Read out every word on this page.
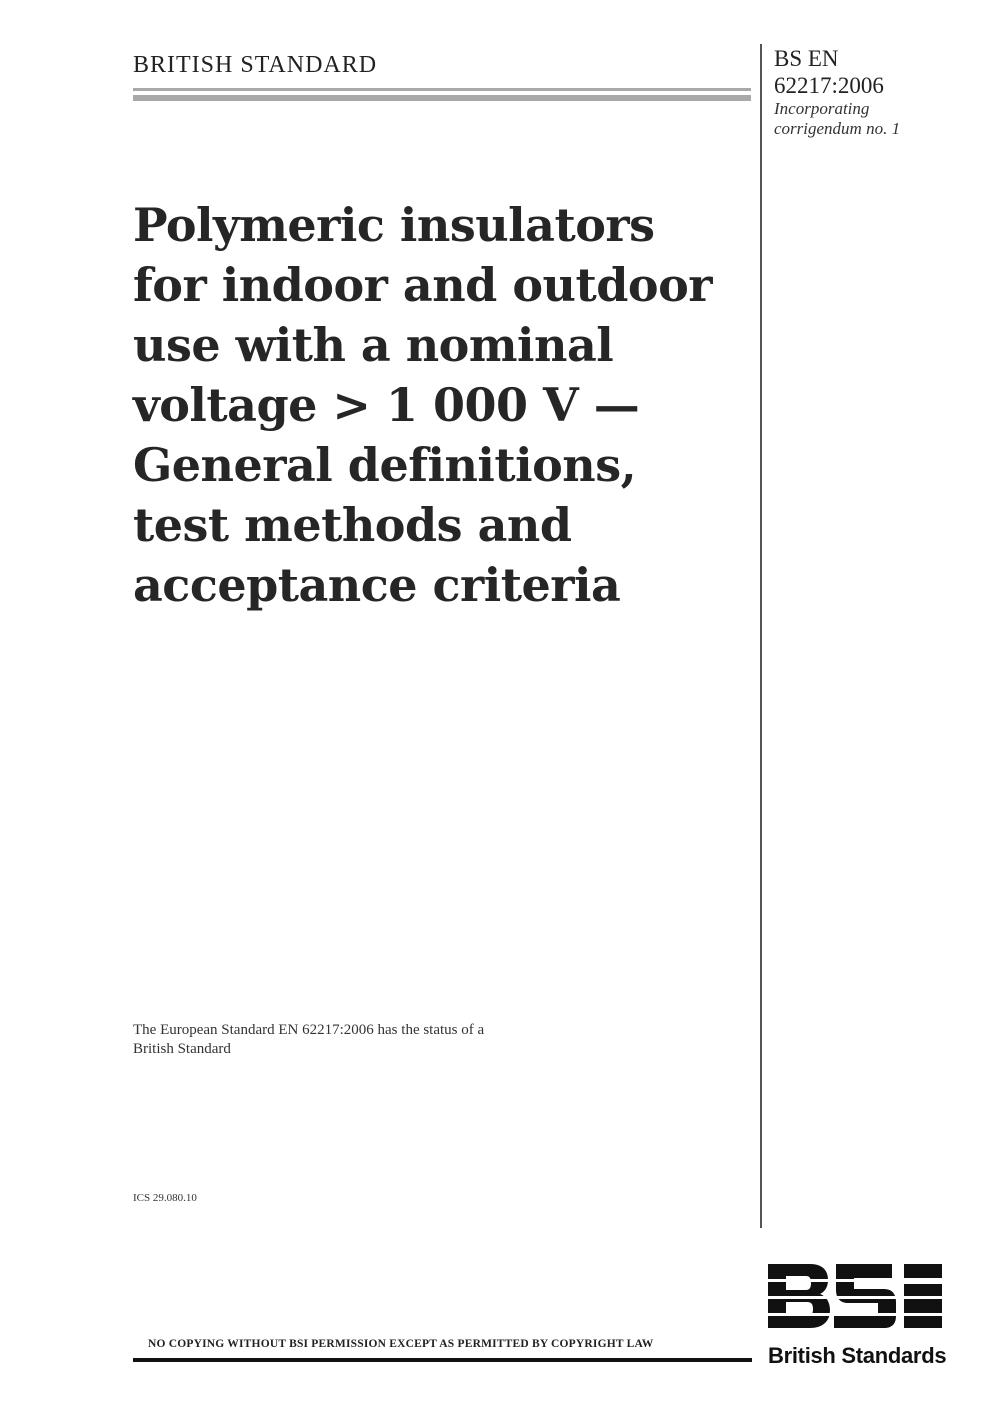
BRITISH STANDARD	BS EN
62217:2006
Incorporating
corrigendum no. 1
Polymeric insulators
for indoor and outdoor
use with a nominal
voltage > 1 000 V —
General definitions,
test methods and
acceptance criteria
The European Standard EN 62217:2006 has the status of a
British Standard
ICS 29.080.10
NO COPYING WITHOUT BSI PERMISSION EXCEPT AS PERMITTED BY COPYRIGHT LAW	British Standards
